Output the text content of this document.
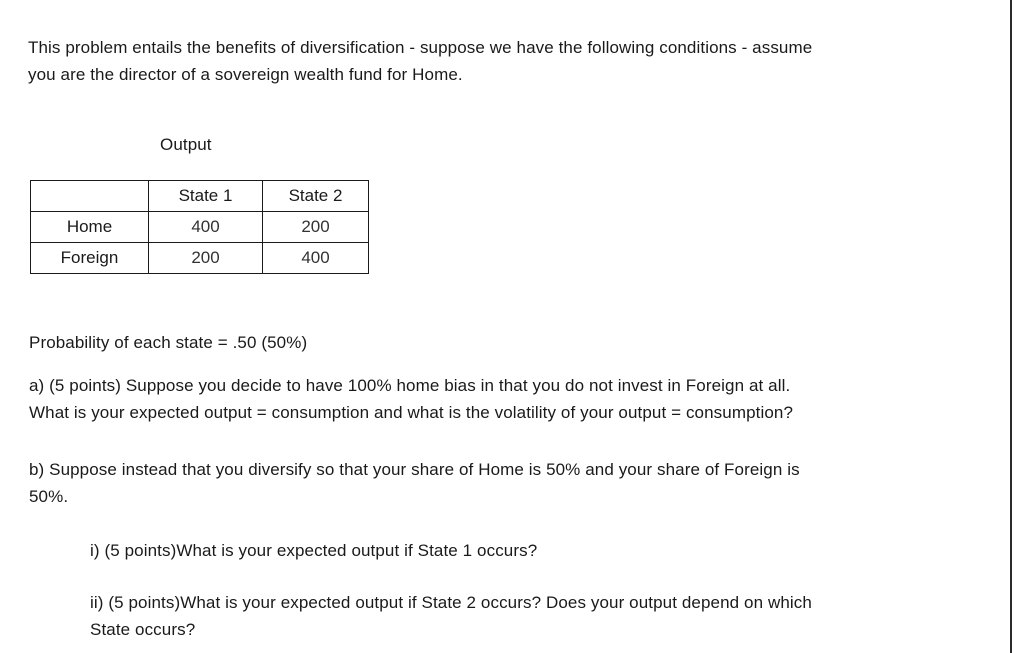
This problem entails the benefits of diversification - suppose we have the following conditions - assume
you are the director of a sovereign wealth fund for Home.
Output
	State 1	State 2
Home	400	200
Foreign	200	400
Probability of each state = .50 (50%)
a) (5 points) Suppose you decide to have 100% home bias in that you do not invest in Foreign at all.
What is your expected output = consumption and what is the volatility of your output = consumption?
b) Suppose instead that you diversify so that your share of Home is 50% and your share of Foreign is
50%.
i) (5 points)What is your expected output if State 1 occurs?
ii) (5 points)What is your expected output if State 2 occurs? Does your output depend on which
State occurs?
